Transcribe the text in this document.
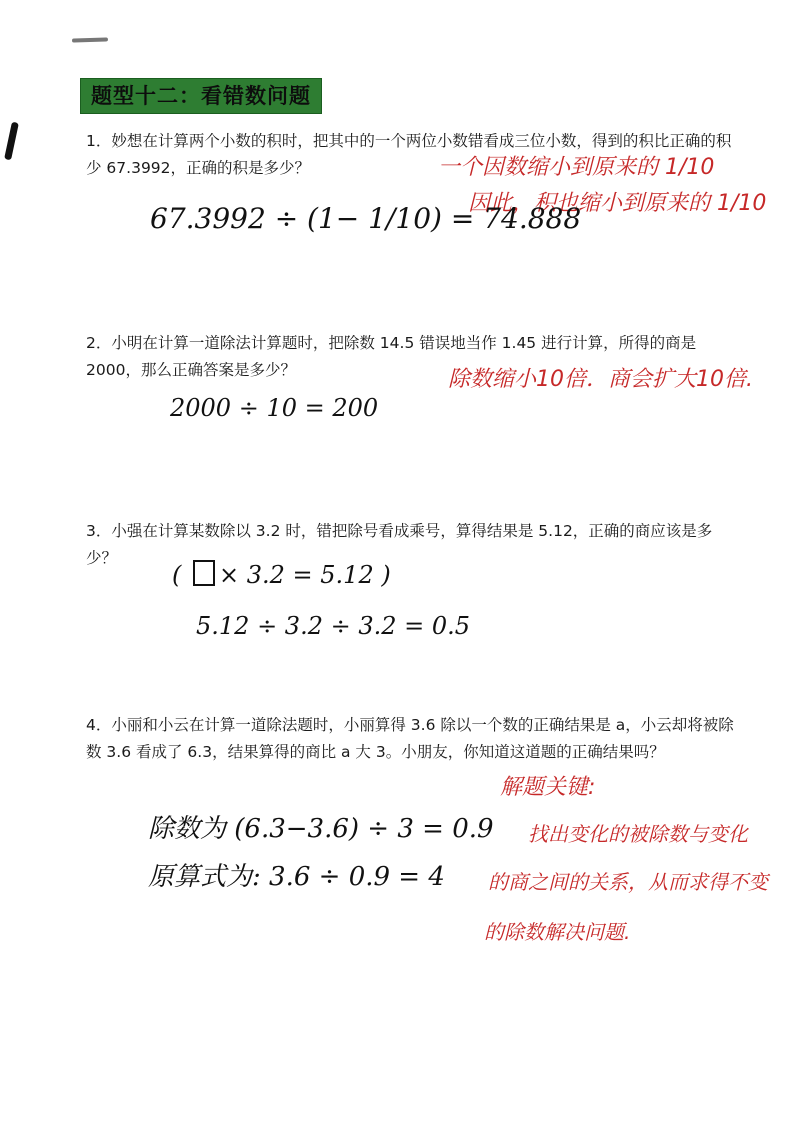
题型十二：看错数问题
1．妙想在计算两个小数的积时，把其中的一个两位小数错看成三位小数，得到的积比正确的积少 67.3992，正确的积是多少？	一个因数缩小到原来的 1/10
因此，积也缩小到原来的 1/10
67.3992 ÷ (1− 1/10) = 74.888
2．小明在计算一道除法计算题时，把除数 14.5 错误地当作 1.45 进行计算，所得的商是 2000，那么正确答案是多少？	除数缩小10倍．商会扩大10倍.
2000 ÷ 10 = 200
3．小强在计算某数除以 3.2 时，错把除号看成乘号，算得结果是 5.12，正确的商应该是多少？
( × 3.2 = 5.12 )
5.12 ÷ 3.2 ÷ 3.2 = 0.5
4．小丽和小云在计算一道除法题时，小丽算得 3.6 除以一个数的正确结果是 a，小云却将被除数 3.6 看成了 6.3，结果算得的商比 a 大 3。小朋友，你知道这道题的正确结果吗？
解题关键:
除数为 (6.3−3.6) ÷ 3 = 0.9 找出变化的被除数与变化
原算式为: 3.6 ÷ 0.9 = 4 的商之间的关系，从而求得不变
的除数解决问题.
